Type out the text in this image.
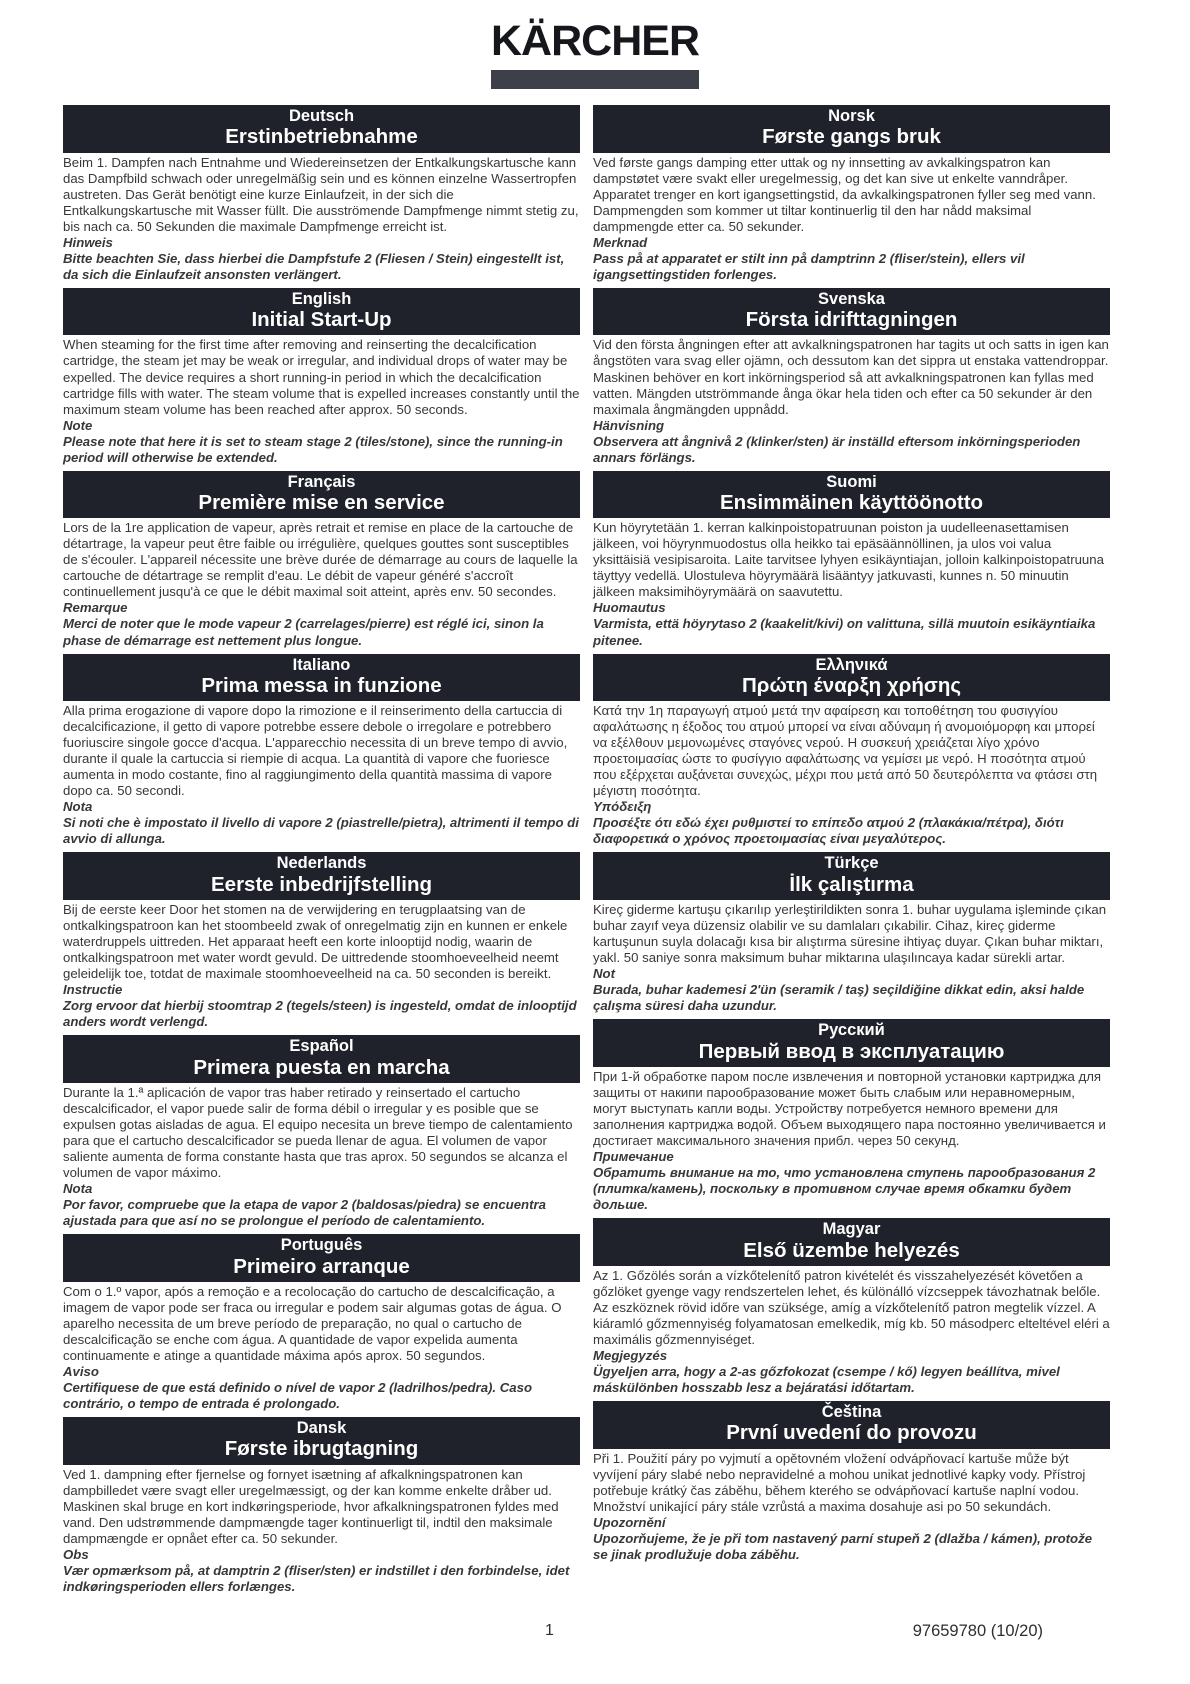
KÄRCHER
Deutsch
Erstinbetriebnahme

Beim 1. Dampfen nach Entnahme und Wiedereinsetzen der Entkalkungskartusche kann das Dampfbild schwach oder unregelmäßig sein und es können einzelne Wassertropfen austreten. Das Gerät benötigt eine kurze Einlaufzeit, in der sich die Entkalkungskartusche mit Wasser füllt. Die ausströmende Dampfmenge nimmt stetig zu, bis nach ca. 50 Sekunden die maximale Dampfmenge erreicht ist.

Hinweis

Bitte beachten Sie, dass hierbei die Dampfstufe 2 (Fliesen / Stein) eingestellt ist, da sich die Einlaufzeit ansonsten verlängert.

English
Initial Start-Up

When steaming for the first time after removing and reinserting the decalcification cartridge, the steam jet may be weak or irregular, and individual drops of water may be expelled. The device requires a short running-in period in which the decalcification cartridge fills with water. The steam volume that is expelled increases constantly until the maximum steam volume has been reached after approx. 50 seconds.

Note

Please note that here it is set to steam stage 2 (tiles/stone), since the running-in period will otherwise be extended.

Français
Première mise en service

Lors de la 1re application de vapeur, après retrait et remise en place de la cartouche de détartrage, la vapeur peut être faible ou irrégulière, quelques gouttes sont susceptibles de s'écouler. L'appareil nécessite une brève durée de démarrage au cours de laquelle la cartouche de détartrage se remplit d'eau. Le débit de vapeur généré s'accroît continuellement jusqu'à ce que le débit maximal soit atteint, après env. 50 secondes.

Remarque

Merci de noter que le mode vapeur 2 (carrelages/pierre) est réglé ici, sinon la phase de démarrage est nettement plus longue.

Italiano
Prima messa in funzione

Alla prima erogazione di vapore dopo la rimozione e il reinserimento della cartuccia di decalcificazione, il getto di vapore potrebbe essere debole o irregolare e potrebbero fuoriuscire singole gocce d'acqua. L'apparecchio necessita di un breve tempo di avvio, durante il quale la cartuccia si riempie di acqua. La quantità di vapore che fuoriesce aumenta in modo costante, fino al raggiungimento della quantità massima di vapore dopo ca. 50 secondi.

Nota

Si noti che è impostato il livello di vapore 2 (piastrelle/pietra), altrimenti il tempo di avvio di allunga.

Nederlands
Eerste inbedrijfstelling

Bij de eerste keer Door het stomen na de verwijdering en terugplaatsing van de ontkalkingspatroon kan het stoombeeld zwak of onregelmatig zijn en kunnen er enkele waterdruppels uittreden. Het apparaat heeft een korte inlooptijd nodig, waarin de ontkalkingspatroon met water wordt gevuld. De uittredende stoomhoeveelheid neemt geleidelijk toe, totdat de maximale stoomhoeveelheid na ca. 50 seconden is bereikt.

Instructie

Zorg ervoor dat hierbij stoomtrap 2 (tegels/steen) is ingesteld, omdat de inlooptijd anders wordt verlengd.

Español
Primera puesta en marcha

Durante la 1.ª aplicación de vapor tras haber retirado y reinsertado el cartucho descalcificador, el vapor puede salir de forma débil o irregular y es posible que se expulsen gotas aisladas de agua. El equipo necesita un breve tiempo de calentamiento para que el cartucho descalcificador se pueda llenar de agua. El volumen de vapor saliente aumenta de forma constante hasta que tras aprox. 50 segundos se alcanza el volumen de vapor máximo.

Nota

Por favor, compruebe que la etapa de vapor 2 (baldosas/piedra) se encuentra ajustada para que así no se prolongue el período de calentamiento.

Português
Primeiro arranque

Com o 1.º vapor, após a remoção e a recolocação do cartucho de descalcificação, a imagem de vapor pode ser fraca ou irregular e podem sair algumas gotas de água. O aparelho necessita de um breve período de preparação, no qual o cartucho de descalcificação se enche com água. A quantidade de vapor expelida aumenta continuamente e atinge a quantidade máxima após aprox. 50 segundos.

Aviso

Certifiquese de que está definido o nível de vapor 2 (ladrilhos/pedra). Caso contrário, o tempo de entrada é prolongado.

Dansk
Første ibrugtagning

Ved 1. dampning efter fjernelse og fornyet isætning af afkalkningspatronen kan dampbilledet være svagt eller uregelmæssigt, og der kan komme enkelte dråber ud. Maskinen skal bruge en kort indkøringsperiode, hvor afkalkningspatronen fyldes med vand. Den udstrømmende dampmængde tager kontinuerligt til, indtil den maksimale dampmængde er opnået efter ca. 50 sekunder.

Obs

Vær opmærksom på, at damptrin 2 (fliser/sten) er indstillet i den forbindelse, idet indkøringsperioden ellers forlænges.

Norsk
Første gangs bruk

Ved første gangs damping etter uttak og ny innsetting av avkalkingspatron kan dampstøtet være svakt eller uregelmessig, og det kan sive ut enkelte vanndråper. Apparatet trenger en kort igangsettingstid, da avkalkingspatronen fyller seg med vann. Dampmengden som kommer ut tiltar kontinuerlig til den har nådd maksimal dampmengde etter ca. 50 sekunder.

Merknad

Pass på at apparatet er stilt inn på damptrinn 2 (fliser/stein), ellers vil igangsettingstiden forlenges.

Svenska
Första idrifttagningen

Vid den första ångningen efter att avkalkningspatronen har tagits ut och satts in igen kan ångstöten vara svag eller ojämn, och dessutom kan det sippra ut enstaka vattendroppar. Maskinen behöver en kort inkörningsperiod så att avkalkningspatronen kan fyllas med vatten. Mängden utströmmande ånga ökar hela tiden och efter ca 50 sekunder är den maximala ångmängden uppnådd.

Hänvisning

Observera att ångnivå 2 (klinker/sten) är inställd eftersom inkörningsperioden annars förlängs.

Suomi
Ensimmäinen käyttöönotto

Kun höyrytetään 1. kerran kalkinpoistopatruunan poiston ja uudelleenasettamisen jälkeen, voi höyrynmuodostus olla heikko tai epäsäännöllinen, ja ulos voi valua yksittäisiä vesipisaroita. Laite tarvitsee lyhyen esikäyntiajan, jolloin kalkinpoistopatruuna täyttyy vedellä. Ulostuleva höyrymäärä lisääntyy jatkuvasti, kunnes n. 50 minuutin jälkeen maksimihöyrymäärä on saavutettu.

Huomautus

Varmista, että höyrytaso 2 (kaakelit/kivi) on valittuna, sillä muutoin esikäyntiaika pitenee.

Ελληνικά
Πρώτη έναρξη χρήσης

Κατά την 1η παραγωγή ατμού μετά την αφαίρεση και τοποθέτηση του φυσιγγίου αφαλάτωσης η έξοδος του ατμού μπορεί να είναι αδύναμη ή ανομοιόμορφη και μπορεί να εξέλθουν μεμονωμένες σταγόνες νερού. Η συσκευή χρειάζεται λίγο χρόνο προετοιμασίας ώστε το φυσίγγιο αφαλάτωσης να γεμίσει με νερό. Η ποσότητα ατμού που εξέρχεται αυξάνεται συνεχώς, μέχρι που μετά από 50 δευτερόλεπτα να φτάσει στη μέγιστη ποσότητα.

Υπόδειξη

Προσέξτε ότι εδώ έχει ρυθμιστεί το επίπεδο ατμού 2 (πλακάκια/πέτρα), διότι διαφορετικά ο χρόνος προετοιμασίας είναι μεγαλύτερος.

Türkçe
İlk çalıştırma

Kireç giderme kartuşu çıkarılıp yerleştirildikten sonra 1. buhar uygulama işleminde çıkan buhar zayıf veya düzensiz olabilir ve su damlaları çıkabilir. Cihaz, kireç giderme kartuşunun suyla dolacağı kısa bir alıştırma süresine ihtiyaç duyar. Çıkan buhar miktarı, yakl. 50 saniye sonra maksimum buhar miktarına ulaşılıncaya kadar sürekli artar.

Not

Burada, buhar kademesi 2'ün (seramik / taş) seçildiğine dikkat edin, aksi halde çalışma süresi daha uzundur.

Русский
Первый ввод в эксплуатацию

При 1-й обработке паром после извлечения и повторной установки картриджа для защиты от накипи парообразование может быть слабым или неравномерным, могут выступать капли воды. Устройству потребуется немного времени для заполнения картриджа водой. Объем выходящего пара постоянно увеличивается и достигает максимального значения прибл. через 50 секунд.

Примечание

Обратить внимание на то, что установлена ступень парообразования 2 (плитка/камень), поскольку в противном случае время обкатки будет дольше.

Magyar
Első üzembe helyezés

Az 1. Gőzölés során a vízkőtelenítő patron kivételét és visszahelyezését követően a gőzlöket gyenge vagy rendszertelen lehet, és különálló vízcseppek távozhatnak belőle. Az eszköznek rövid időre van szüksége, amíg a vízkőtelenítő patron megtelik vízzel. A kiáramló gőzmennyiség folyamatosan emelkedik, míg kb. 50 másodperc elteltével eléri a maximális gőzmennyiséget.

Megjegyzés

Ügyeljen arra, hogy a 2-as gőzfokozat (csempe / kő) legyen beállítva, mivel máskülönben hosszabb lesz a bejáratási időtartam.

Čeština
První uvedení do provozu

Při 1. Použití páry po vyjmutí a opětovném vložení odvápňovací kartuše může být vyvíjení páry slabé nebo nepravidelné a mohou unikat jednotlivé kapky vody. Přístroj potřebuje krátký čas záběhu, během kterého se odvápňovací kartuše naplní vodou. Množství unikající páry stále vzrůstá a maxima dosahuje asi po 50 sekundách.

Upozornění

Upozorňujeme, že je při tom nastavený parní stupeň 2 (dlažba / kámen), protože se jinak prodlužuje doba záběhu.

1	97659780 (10/20)
